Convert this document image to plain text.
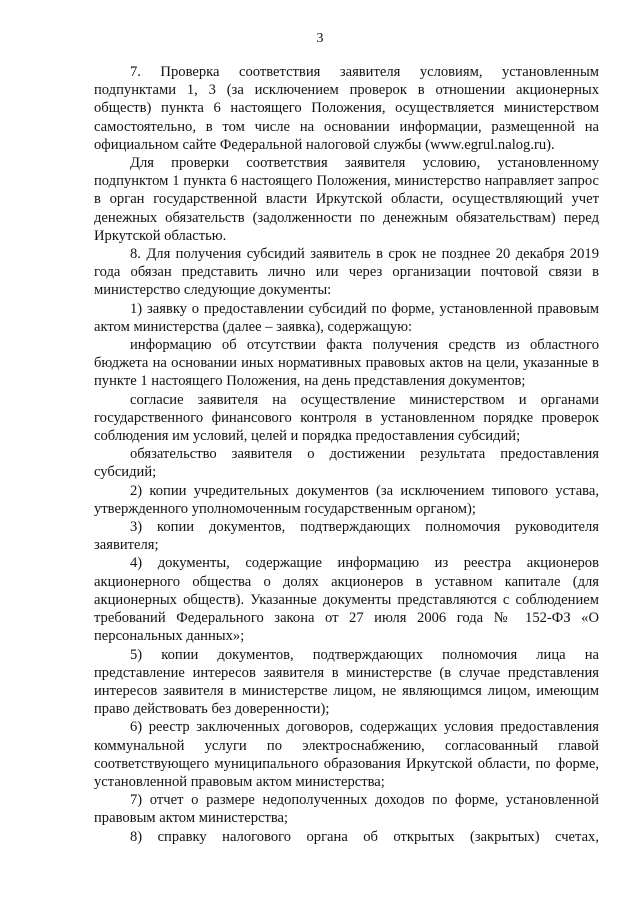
3

7. Проверка соответствия заявителя условиям, установленным подпунктами 1, 3 (за исключением проверок в отношении акционерных обществ) пункта 6 настоящего Положения, осуществляется министерством самостоятельно, в том числе на основании информации, размещенной на официальном сайте Федеральной налоговой службы (www.egrul.nalog.ru).

Для проверки соответствия заявителя условию, установленному подпунктом 1 пункта 6 настоящего Положения, министерство направляет запрос в орган государственной власти Иркутской области, осуществляющий учет денежных обязательств (задолженности по денежным обязательствам) перед Иркутской областью.

8. Для получения субсидий заявитель в срок не позднее 20 декабря 2019 года обязан представить лично или через организации почтовой связи в министерство следующие документы:

1) заявку о предоставлении субсидий по форме, установленной правовым актом министерства (далее – заявка), содержащую:

информацию об отсутствии факта получения средств из областного бюджета на основании иных нормативных правовых актов на цели, указанные в пункте 1 настоящего Положения, на день представления документов;

согласие заявителя на осуществление министерством и органами государственного финансового контроля в установленном порядке проверок соблюдения им условий, целей и порядка предоставления субсидий;

обязательство заявителя о достижении результата предоставления субсидий;

2) копии учредительных документов (за исключением типового устава, утвержденного уполномоченным государственным органом);

3) копии документов, подтверждающих полномочия руководителя заявителя;

4) документы, содержащие информацию из реестра акционеров акционерного общества о долях акционеров в уставном капитале (для акционерных обществ). Указанные документы представляются с соблюдением требований Федерального закона от 27 июля 2006 года № 152-ФЗ «О персональных данных»;

5) копии документов, подтверждающих полномочия лица на представление интересов заявителя в министерстве (в случае представления интересов заявителя в министерстве лицом, не являющимся лицом, имеющим право действовать без доверенности);

6) реестр заключенных договоров, содержащих условия предоставления коммунальной услуги по электроснабжению, согласованный главой соответствующего муниципального образования Иркутской области, по форме, установленной правовым актом министерства;

7) отчет о размере недополученных доходов по форме, установленной правовым актом министерства;

8) справку налогового органа об открытых (закрытых) счетах,
